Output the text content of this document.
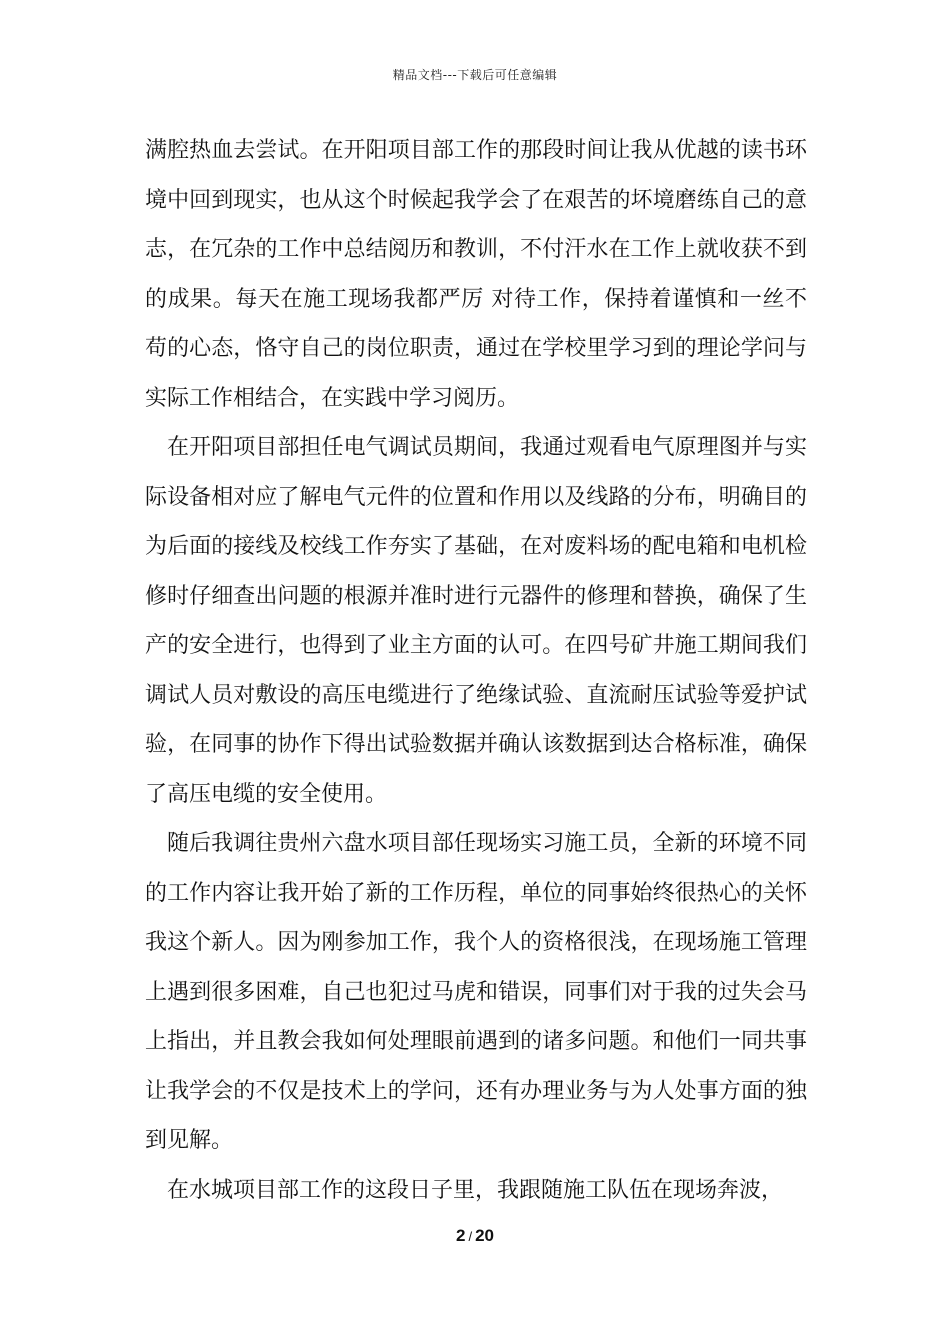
精品文档---下载后可任意编辑

满腔热血去尝试。在开阳项目部工作的那段时间让我从优越的读书环境中回到现实，也从这个时候起我学会了在艰苦的坏境磨练自己的意志，在冗杂的工作中总结阅历和教训，不付汗水在工作上就收获不到的成果。每天在施工现场我都严厉 对待工作，保持着谨慎和一丝不苟的心态，恪守自己的岗位职责，通过在学校里学习到的理论学问与实际工作相结合，在实践中学习阅历。

在开阳项目部担任电气调试员期间，我通过观看电气原理图并与实际设备相对应了解电气元件的位置和作用以及线路的分布，明确目的为后面的接线及校线工作夯实了基础，在对废料场的配电箱和电机检修时仔细查出问题的根源并准时进行元器件的修理和替换，确保了生产的安全进行，也得到了业主方面的认可。在四号矿井施工期间我们调试人员对敷设的高压电缆进行了绝缘试验、直流耐压试验等爱护试验，在同事的协作下得出试验数据并确认该数据到达合格标准，确保了高压电缆的安全使用。

随后我调往贵州六盘水项目部任现场实习施工员，全新的环境不同的工作内容让我开始了新的工作历程，单位的同事始终很热心的关怀我这个新人。因为刚参加工作，我个人的资格很浅，在现场施工管理上遇到很多困难，自己也犯过马虎和错误，同事们对于我的过失会马上指出，并且教会我如何处理眼前遇到的诸多问题。和他们一同共事让我学会的不仅是技术上的学问，还有办理业务与为人处事方面的独到见解。

在水城项目部工作的这段日子里，我跟随施工队伍在现场奔波，

2 / 20
